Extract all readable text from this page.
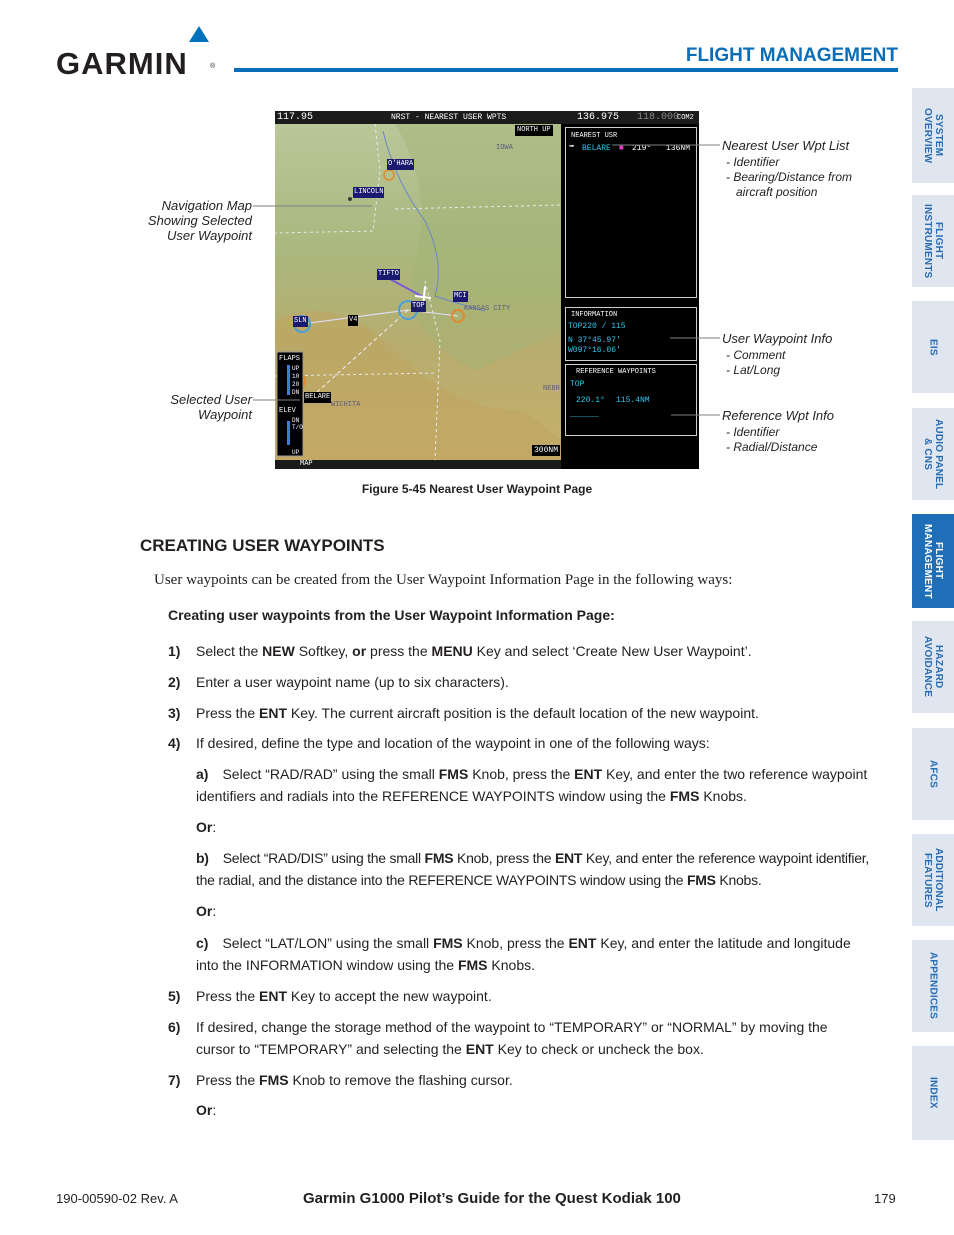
GARMIN	®
FLIGHT MANAGEMENT
SYSTEM
OVERVIEW
FLIGHT
INSTRUMENTS
EIS
AUDIO PANEL
& CNS
FLIGHT
MANAGEMENT
HAZARD
AVOIDANCE
AFCS
ADDITIONAL
FEATURES
APPENDICES
INDEX
117.95	NRST - NEAREST USER WPTS	136.975 118.000
COM2
NORTH UP
O'HARA
LINCOLN
IOWA
TIFTO
MCI
KANSAS CITY
TOP
SLN	V4
BELARE
WICHITA
NEBR
FLAPS
UP
10
20
DN
ELEV
DN
T/O
UP
MAP
300NM
NEAREST USR
➡ BELARE ■ 219° 136NM
INFORMATION
TOP220 / 115
N 37°45.97'
W097°16.06'
REFERENCE WAYPOINTS
TOP
220.1° 115.4NM
______
Nearest User Wpt List
- Identifier
- Bearing/Distance from
aircraft position
Navigation Map
Showing Selected
User Waypoint
User Waypoint Info
- Comment
- Lat/Long
Selected User
Waypoint	Reference Wpt Info
- Identifier
- Radial/Distance
Figure 5-45 Nearest User Waypoint Page
CREATING USER WAYPOINTS
User waypoints can be created from the User Waypoint Information Page in the following ways:
Creating user waypoints from the User Waypoint Information Page:
1) Select the NEW Softkey, or press the MENU Key and select ‘Create New User Waypoint’.
2) Enter a user waypoint name (up to six characters).
3) Press the ENT Key. The current aircraft position is the default location of the new waypoint.
4) If desired, define the type and location of the waypoint in one of the following ways:
a) Select “RAD/RAD” using the small FMS Knob, press the ENT Key, and enter the two reference waypoint identifiers and radials into the REFERENCE WAYPOINTS window using the FMS Knobs.
Or:
b) Select “RAD/DIS” using the small FMS Knob, press the ENT Key, and enter the reference waypoint identifier, the radial, and the distance into the REFERENCE WAYPOINTS window using the FMS Knobs.
Or:
c) Select “LAT/LON” using the small FMS Knob, press the ENT Key, and enter the latitude and longitude into the INFORMATION window using the FMS Knobs.
5) Press the ENT Key to accept the new waypoint.
6) If desired, change the storage method of the waypoint to “TEMPORARY” or “NORMAL” by moving the cursor to “TEMPORARY” and selecting the ENT Key to check or uncheck the box.
7) Press the FMS Knob to remove the flashing cursor.
Or:
190-00590-02 Rev. A	Garmin G1000 Pilot’s Guide for the Quest Kodiak 100	179
